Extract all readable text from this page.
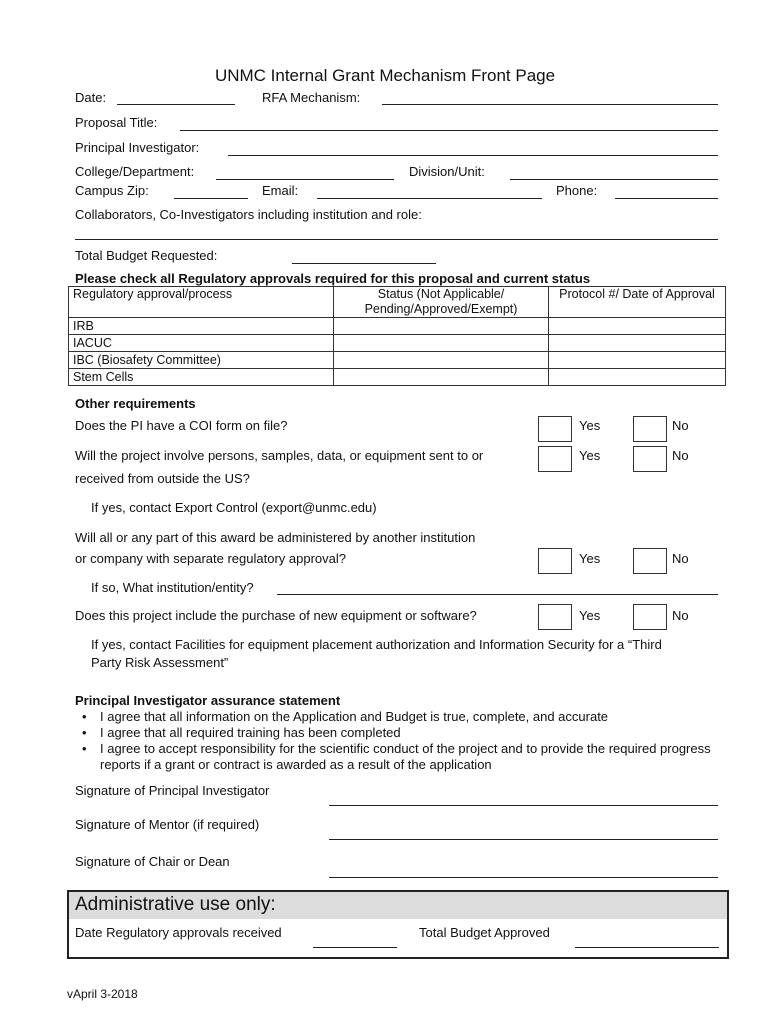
UNMC Internal Grant Mechanism Front Page
Date:	RFA Mechanism:
Proposal Title:
Principal Investigator:
College/Department:	Division/Unit:
Campus Zip:	Email:	Phone:
Collaborators, Co-Investigators including institution and role:
Total Budget Requested:
Please check all Regulatory approvals required for this proposal and current status
Regulatory approval/process	Status (Not Applicable/ Pending/Approved/Exempt)	Protocol #/ Date of Approval
IRB		
IACUC		
IBC (Biosafety Committee)		
Stem Cells		
Other requirements
Does the PI have a COI form on file?	Yes	No
Will the project involve persons, samples, data, or equipment sent to or
received from outside the US?
Yes	No
If yes, contact Export Control (export@unmc.edu)
Will all or any part of this award be administered by another institution
or company with separate regulatory approval?	Yes	No
If so, What institution/entity?
Does this project include the purchase of new equipment or software?	Yes	No
If yes, contact Facilities for equipment placement authorization and Information Security for a “Third
Party Risk Assessment”
Principal Investigator assurance statement
• I agree that all information on the Application and Budget is true, complete, and accurate
• I agree that all required training has been completed
• I agree to accept responsibility for the scientific conduct of the project and to provide the required progress reports if a grant or contract is awarded as a result of the application
Signature of Principal Investigator
Signature of Mentor (if required)
Signature of Chair or Dean
Administrative use only:
Date Regulatory approvals received	Total Budget Approved
vApril 3-2018
